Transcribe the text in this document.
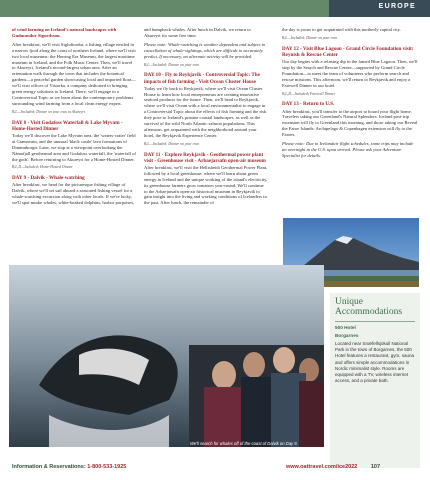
EUROPE

of wind farming on Iceland's natural landscapes with Gudmundur Sigurdsson.

After breakfast, we'll visit Sigluftordur, a fishing village nestled in a narrow fjord along the coast of northern Iceland, where we'll visit two local museums: the Herring Era Museum, the largest maritime museum in Iceland, and the Folk Music Center. Then, we'll travel to Akureyri, Iceland's second-largest urban area. After an orientation walk through the town that includes the botanical gardens—a peaceful garden showcasing local and imported flora—we'll visit offices of Vistorka, a company dedicated to bringing green energy solutions to Iceland. There, we'll engage in a Controversial Topic as we learn about the contemporary problems surrounding wind farming from a local clean energy expert.

B,L—Included; Dinner on your own in Akureyri

DAY 8 - Visit Godafoss Waterfall & Lake Myvatn - Home-Hosted Dinner

Today we'll discover the Lake Myvatn area, the 'waters-crater' field at Grænavatn, and the unusual 'black castle' lava formations of Dimmuborgir. Later, we stop at a viewpoint overlooking the Námafjall geothermal area and Godafoss waterfall, the 'waterfall of the gods'. Before returning to Akureyri for a Home-Hosted Dinner.

B,L,D—Included; Home-Hosted Dinner

DAY 9 - Dalvik - Whale-watching

After breakfast, we head for the picturesque fishing village of Dalvik, where we'll set sail aboard a seasoned fishing vessel for a whale-watching excursion along with other locals. If we're lucky, we'll spot minke whales, white-beaked dolphins, harbor porpoises,

and humpback whales. After lunch in Dalvik, we return to Akureyri for some free time.

Please note: Whale-watching is weather dependent and subject to cancellation of whale-sightings, which are difficult to accurately predict. If necessary, an alternate activity will be provided.

B,L—Included; Dinner on your own

DAY 10 - Fly to Reykjavik - Controversial Topic: The impacts of fish farming - Visit Ocean Cluster House

Today we fly back to Reykjavik, where we'll visit Ocean Cluster House to learn how local entrepreneurs are creating innovative seafood products for the future. Then, we'll head to Reykjavik, where we'll visit Ocean with a local environmentalist to engage in a Controversial Topic about the effects of fish farming and the risk they pose to Iceland's pristine coastal landscapes, as well as the survival of the wild North Atlantic salmon populations. This afternoon, get acquainted with the neighborhood around your hotel, the Reykjavik Experience Center.

B,L—Included; Dinner on your own

DAY 11 - Explore Reykjavik - Geothermal power plant visit - Greenhouse visit - Arbaejarsafn open-air museum

After breakfast, we'll visit the Hellisheidi Geothermal Power Plant, followed by a local greenhouse, where we'll learn about green energy in Iceland and the unique working of the island's electricity, its greenhouse farmers grow tomatoes year-round. We'll continue to the Arbaejarsafn open-air historical museum in Reykjavik to gain insight into the living and working conditions of Icelanders in the past. After lunch, the remainder of

the day is yours to get acquainted with this northerly capital city.

B,L—Included; Dinner on your own

DAY 12 - Visit Blue Lagoon - Grand Circle Foundation visit: Reynish & Rescue Center

Our day begins with a relaxing dip in the famed Blue Lagoon. Then, we'll stop by the Search and Rescue Center—supported by Grand Circle Foundation—to meet the team of volunteers who perform search and rescue missions. This afternoon, we'll return to Reykjavik and enjoy a Farewell Dinner in our hotel.

B,L,D—Included; Farewell Dinner

DAY 13 - Return to U.S.

After breakfast, you'll transfer to the airport to board your flight home. Travelers taking our Greenland's Natural Splendors: Iceland post-trip extension will fly to Greenland this morning, and those taking our Reveal the Faroe Islands: Archipelago & Copenhagen extension will fly to the Faroes.

Please note: Due to Icelandair flight schedules, some trips may include an overnight in the U.S. upon arrival. Please ask your Adventure Specialist for details.

We'll search for whales off of the coast of Dalvik on Day 9.
Unique Accommodations
500 Hotel
Borgarnes
Located near Snæfellsjökull National Park in the town of Borgarnes, the 500 Hotel features a restaurant, gym, sauna and offers simple accommodations in Nordic minimalist style. Rooms are equipped with a TV, wireless internet access, and a private bath.
Information & Reservations: 1-800-533-1925	www.oattravel.com/ice2022 107
